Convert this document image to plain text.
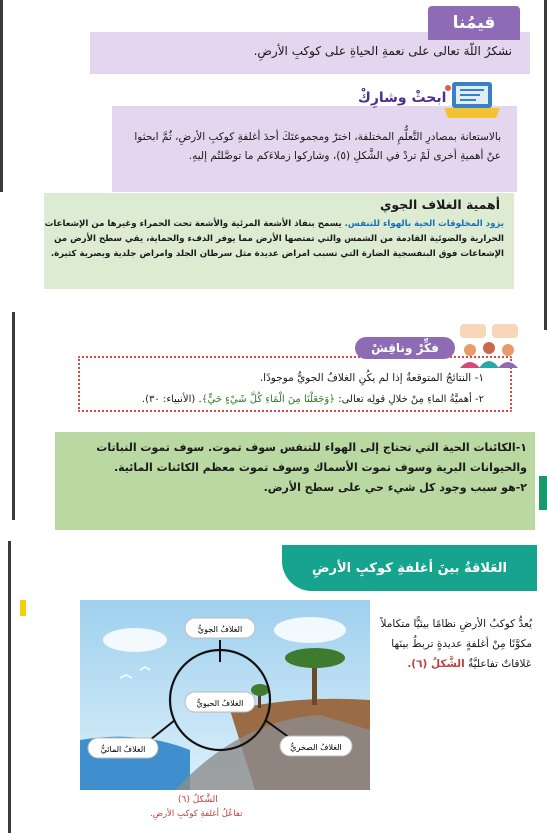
نشكرُ اللّهَ تعالى على نعمةِ الحياةِ على كوكبِ الأرضِ.
قيمُنا
بالاستعانة بمصادرِ التَّعلُّمِ المختلفة، اخترْ ومجموعتَكَ أحدَ أغلفةِ كوكبِ الأرضِ، ثُمَّ ابحثوا عنْ أهميةِ أخرى لَمْ تردْ في الشَّكلِ (٥)، وشاركوا زملاءَكم ما توصَّلتُم إليهِ.
ابحثْ وشارِكْ
أهمية الغلاف الجوي
يزود المخلوقات الحية بالهواء للتنفس. يسمح بنفاذ الأشعة المرئية والأشعة تحت الحمراء وغيرها من الإشعاعات الحرارية والضوئية القادمة من الشمس والتي تمتصها الأرض مما يوفر الدفء والحماية، يقي سطح الأرض من الإشعاعات فوق البنفسجية الضارة التي تسبب امراض عديدة مثل سرطان الجلد وامراض جلدية وبصرية كثيرة.
١- النتائجُ المتوقعةُ إذا لم يكُنِ الغلافُ الجويُّ موجودًا.
٢- أهميَّةُ الماءِ مِنْ خلالِ قولِه تعالى: ﴿وَجَعَلْنَا مِنَ الْمَاءِ كُلَّ شَيْءٍ حَيٍّ﴾. (الأنبياء: ٣٠).
فكِّرْ وناقِشْ
١-الكائنات الحية التي تحتاج إلى الهواء للتنفس سوف تموت. سوف تموت النباتات والحيوانات البرية وسوف تموت الأسماك وسوف تموت معظم الكائنات المائية.
٢-هو سبب وجود كل شيء حي على سطح الأرض.
العَلاقةُ بينَ أغلفةِ كوكبِ الأرضِ
يُعدُّ كوكبُ الأرضِ نظامًا بيئيًّا متكاملاً مكوَّنًا مِنْ أغلفةٍ عديدةٍ تربطُ بينَها عَلاقاتٌ تفاعليَّةٌ الشَّكلُ (٦).
الغلافُ الجويُّ
الغلافُ الحيويُّ
الغلافُ المائيُّ	الغلافُ الصخريُّ
الشَّكلُ (٦)
تفاعُلُ أغلفةِ كوكبِ الأرضِ.
